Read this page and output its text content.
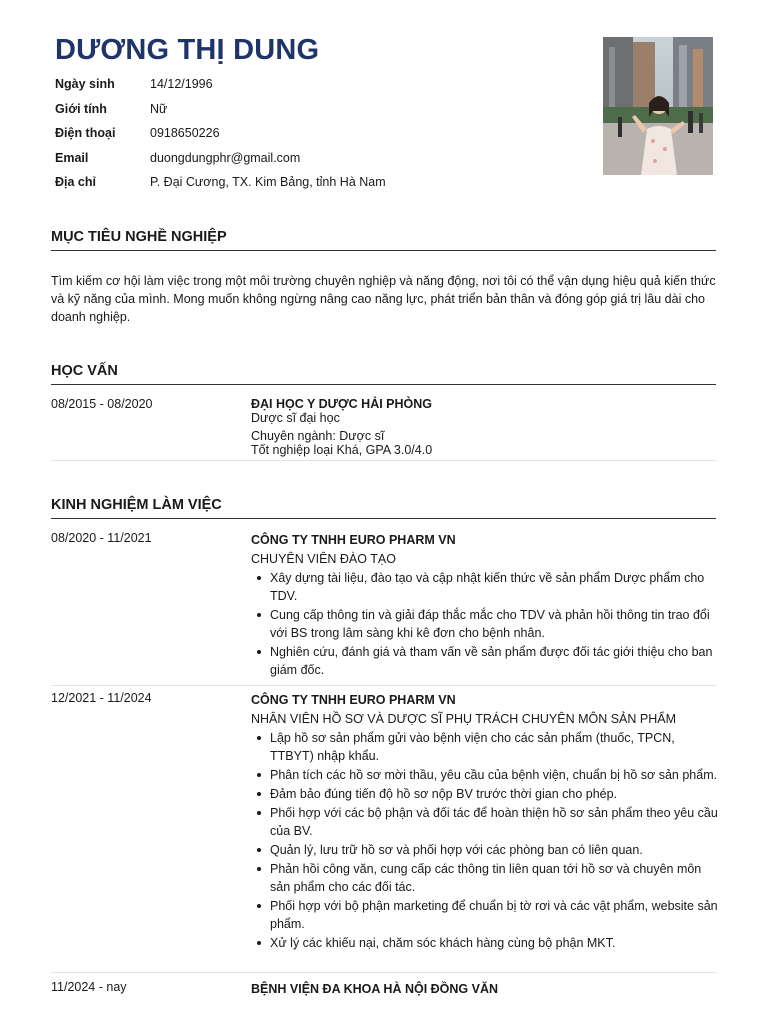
DƯƠNG THỊ DUNG
Ngày sinh	14/12/1996
Giới tính	Nữ
Điện thoại	0918650226
Email	duongdungphr@gmail.com
Địa chỉ	P. Đại Cương, TX. Kim Bảng, tỉnh Hà Nam
MỤC TIÊU NGHỀ NGHIỆP

Tìm kiếm cơ hội làm việc trong một môi trường chuyên nghiệp và năng động, nơi tôi có thể vận dụng hiệu quả kiến thức và kỹ năng của mình. Mong muốn không ngừng nâng cao năng lực, phát triển bản thân và đóng góp giá trị lâu dài cho doanh nghiệp.

HỌC VẤN
08/2015 - 08/2020	ĐẠI HỌC Y DƯỢC HẢI PHÒNG
Dược sĩ đại học
Chuyên ngành: Dược sĩ
Tốt nghiệp loại Khá, GPA 3.0/4.0
KINH NGHIỆM LÀM VIỆC
08/2020 - 11/2021	CÔNG TY TNHH EURO PHARM VN
CHUYÊN VIÊN ĐÀO TẠO
Xây dựng tài liệu, đào tạo và cập nhật kiến thức về sản phẩm Dược phẩm cho TDV.
Cung cấp thông tin và giải đáp thắc mắc cho TDV và phản hồi thông tin trao đổi với BS trong lâm sàng khi kê đơn cho bệnh nhân.
Nghiên cứu, đánh giá và tham vấn về sản phẩm được đối tác giới thiệu cho ban giám đốc.
12/2021 - 11/2024	CÔNG TY TNHH EURO PHARM VN
NHÂN VIÊN HỒ SƠ VÀ DƯỢC SĨ PHỤ TRÁCH CHUYÊN MÔN SẢN PHẨM
Lập hồ sơ sản phẩm gửi vào bệnh viện cho các sản phẩm (thuốc, TPCN, TTBYT) nhập khẩu.
Phân tích các hồ sơ mời thầu, yêu cầu của bệnh viện, chuẩn bị hồ sơ sản phẩm.
Đảm bảo đúng tiến độ hồ sơ nộp BV trước thời gian cho phép.
Phối hợp với các bộ phận và đối tác để hoàn thiện hồ sơ sản phẩm theo yêu cầu của BV.
Quản lý, lưu trữ hồ sơ và phối hợp với các phòng ban có liên quan.
Phản hồi công văn, cung cấp các thông tin liên quan tới hồ sơ và chuyên môn sản phẩm cho các đối tác.
Phối hợp với bộ phận marketing để chuẩn bị tờ rơi và các vật phẩm, website sản phẩm.
Xử lý các khiếu nại, chăm sóc khách hàng cùng bộ phận MKT.
11/2024 - nay	BỆNH VIỆN ĐA KHOA HÀ NỘI ĐỒNG VĂN
